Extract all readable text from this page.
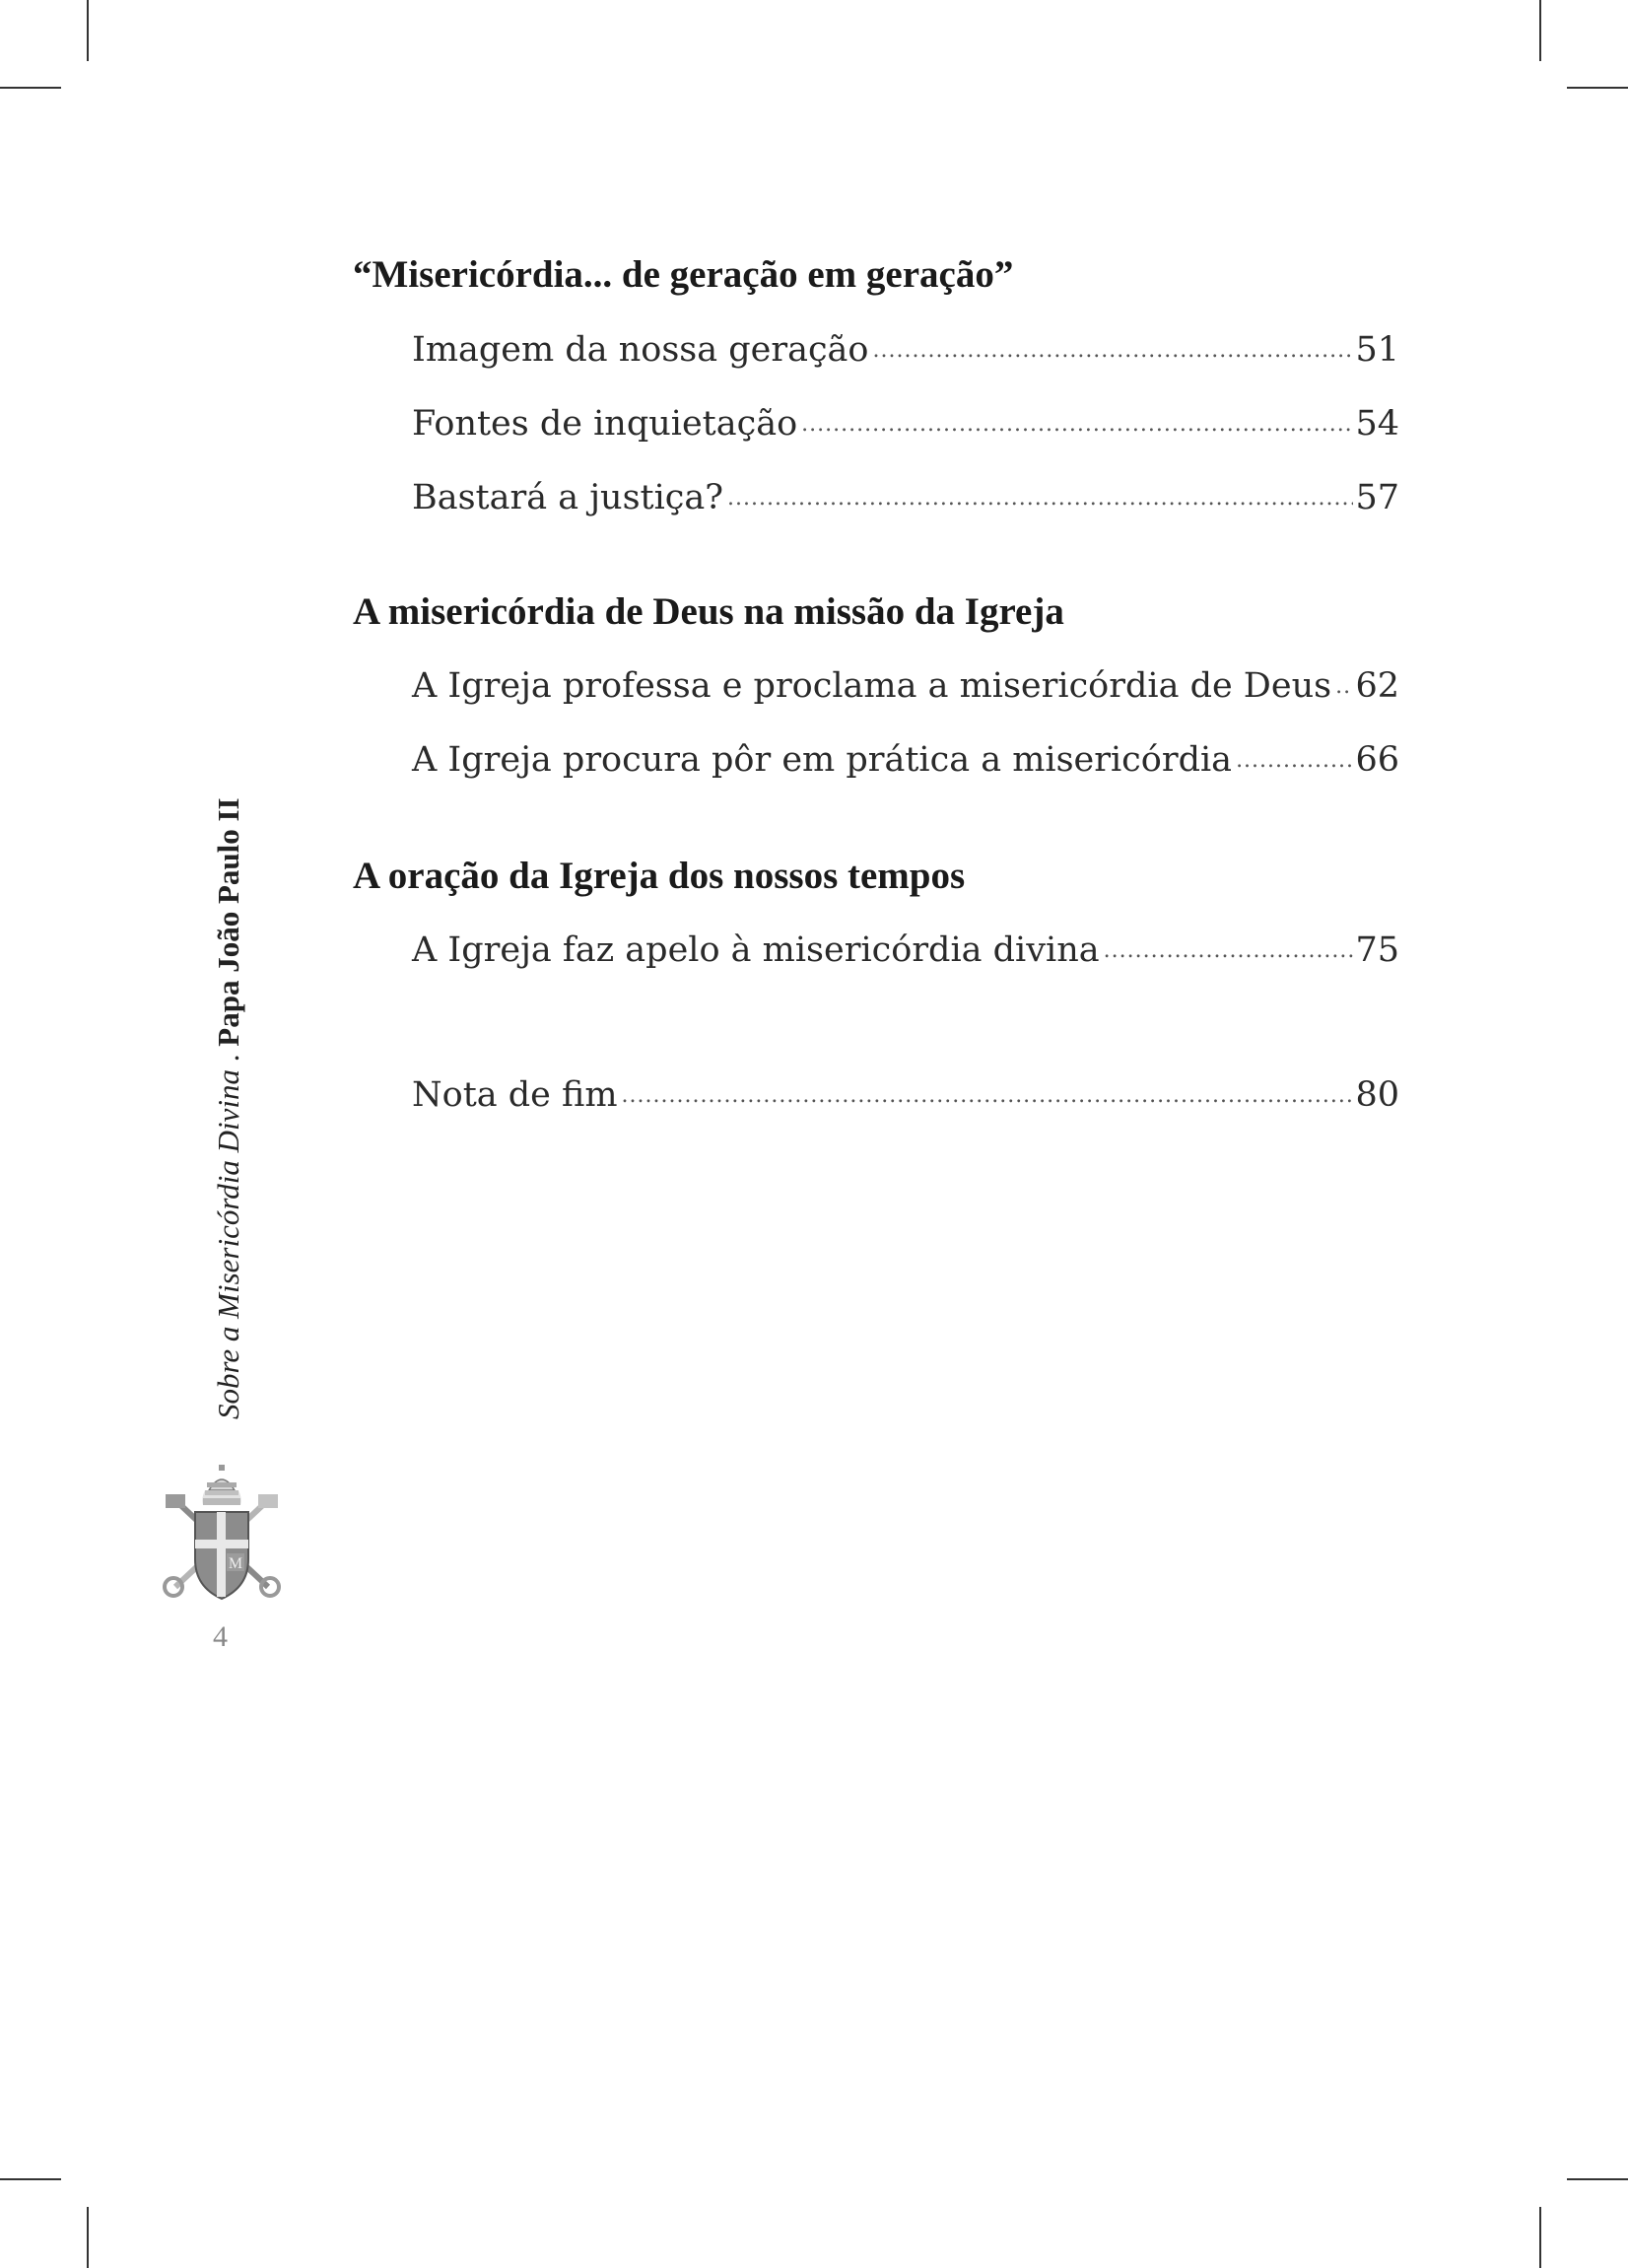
“Misericórdia... de geração em geração”
Imagem da nossa geração .....	51
Fontes de inquietação .....	54
Bastará a justiça? .....	57
A misericórdia de Deus na missão da Igreja
A Igreja professa e proclama a misericórdia de Deus ..... 62
A Igreja procura pôr em prática a misericórdia .....	66
A oração da Igreja dos nossos tempos
A Igreja faz apelo à misericórdia divina .....	75
Nota de fim .....	80
Sobre a Misericórdia Divina . Papa João Paulo II
M
4
